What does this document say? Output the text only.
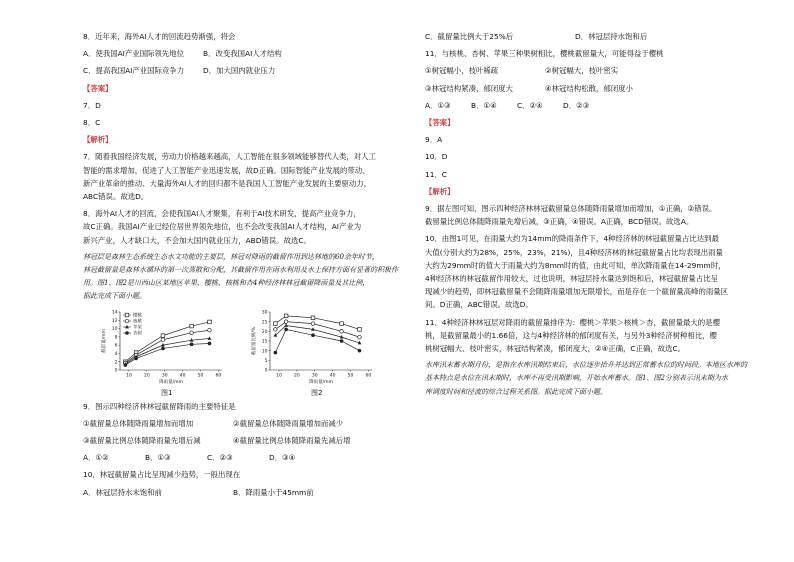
8．近年来，海外AI人才的回流趋势渐强，将会
A．使我国AI产业国际领先地位	B．改变我国AI人才结构
C．提高我国AI产业国际竞争力	D．加大国内就业压力
【答案】
7．D
8．C
【解析】
7．随着我国经济发展，劳动力价格越来越高，人工智能在很多领域能够替代人类，对人工
智能的需求增加，促进了人工智能产业迅速发展，故D正确。国际智能产业发展的带动、
新产业革命的推动、大量海外AI人才的回归都不是我国人工智能产业发展的主要驱动力，
ABC错误。故选D。
8．海外AI人才的回流，会使我国AI人才聚集，有利于AI技术研发，提高产业竞争力，
故C正确。我国AI产业已经位居世界领先地位，也不会改变我国AI人才结构，AI产业为
新兴产业，人才缺口大，不会加大国内就业压力，ABD错误。故选C。
林冠层是森林生态系统生态水文功能的主要层，林冠对降雨的截留作用到达林地的60余年时节，
林冠截留量是森林水循环的第一次蒸散和分配，其截留作用在雨水利用及水土保持方面有显著的积极作
用。图1、图2是川西山区某地区苹果、樱桃、核桃和杏4种经济林林冠截留降雨量及其比例，
据此完成下面小题。
10	20	30	40	50	60
0
2
4
6
8
10
12
14
降雨量/mm
截留量/mm
樱桃
核桃
苹果
杏树
10	20	30	40	50	60
0
5
10
15
20
25
30
降雨量/mm
截留量比例/%
图1	图2
9．图示四种经济林林冠截留降雨的主要特征是
①截留量总体随降雨量增加而增加	②截留量总体随降雨量增加而减少
③截留量比例总体随降雨量先增后减	④截留量比例总体随降雨量先减后增
A．①②	B．①③	C．②③	D．③④
10．林冠截留量占比呈现减少趋势，一般出现在
A．林冠层持水未饱和前	B．降雨量小于45mm前
C．截留量比例大于25%后	D．林冠层持水饱和后
11．与核桃、杏树、苹果三种果树相比，樱桃截留量大，可能得益于樱桃
①树冠幅小，枝叶稀疏	②树冠幅大，枝叶密实
③林冠结构紧凑，郁闭度大	④林冠结构松散，郁闭度小
A．①③	B．①④	C．②④	D．②③
【答案】
9．A
10．D
11．C
【解析】
9．据左图可知，图示四种经济林林冠截留量总体随降雨量增加而增加，①正确，②错误。
截留量比例总体随降雨量先增后减，③正确，④错误。A正确，BCD错误。故选A。
10．由图1可见，在雨量大约为14mm的降雨条件下，4种经济林的林冠截留量占比达到最
大值(分别大约为28%，25%，23%，21%)，且4种经济林的林冠截留量占比均表现出雨量
大约为29mm时的值大于雨量大约为8mm时的值，由此可知，单次降雨量在14-29mm时，
4种经济林的林冠截留作用较大，过也说明，林冠层持水量达到饱和后，林冠截留量占比呈
现减少的趋势，即林冠截留量不会随降雨量增加无限增长，而是存在一个截留量高峰的雨量区
间。D正确，ABC错误。故选D。
11．4种经济林林冠层对降雨的截留量排序为：樱桃＞苹果＞核桃＞杏，截留量最大的是樱
桃，是截留量最小的1.66倍，这与4种经济林的郁闭度有关，与另外3种经济树种相比，樱
桃树冠幅大、枝叶密实，林冠结构紧凑，郁闭度大，②④正确，C正确，故选C。
水库汛末蓄水期月份，是指在水库汛期结束后，水位逐步抬升并达到正常蓄水位的时间段。本地区水库的
基本特点是水位在汛末期时，水库不再受汛期影响，开始水库蓄水。图1、图2分别表示汛末期为水
库调度时间和径流的综合过程关系图。据此完成下面小题。
